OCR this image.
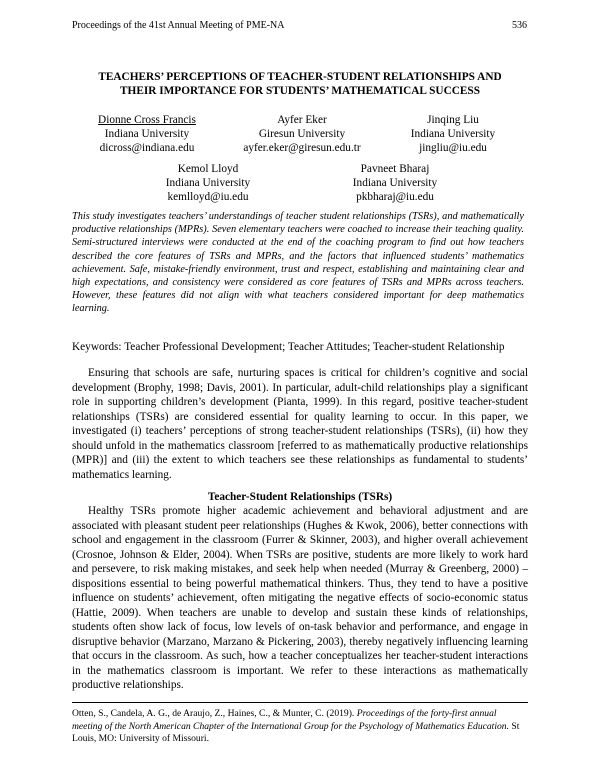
Proceedings of the 41st Annual Meeting of PME-NA	536
TEACHERS’ PERCEPTIONS OF TEACHER-STUDENT RELATIONSHIPS AND
THEIR IMPORTANCE FOR STUDENTS’ MATHEMATICAL SUCCESS
Dionne Cross Francis
Indiana University
dicross@indiana.edu
Ayfer Eker
Giresun University
ayfer.eker@giresun.edu.tr
Jinqing Liu
Indiana University
jingliu@iu.edu
Kemol Lloyd
Indiana University
kemlloyd@iu.edu
Pavneet Bharaj
Indiana University
pkbharaj@iu.edu
This study investigates teachers’ understandings of teacher student relationships (TSRs), and mathematically productive relationships (MPRs). Seven elementary teachers were coached to increase their teaching quality. Semi-structured interviews were conducted at the end of the coaching program to find out how teachers described the core features of TSRs and MPRs, and the factors that influenced students’ mathematics achievement. Safe, mistake-friendly environment, trust and respect, establishing and maintaining clear and high expectations, and consistency were considered as core features of TSRs and MPRs across teachers. However, these features did not align with what teachers considered important for deep mathematics learning.
Keywords: Teacher Professional Development; Teacher Attitudes; Teacher-student Relationship
Ensuring that schools are safe, nurturing spaces is critical for children’s cognitive and social development (Brophy, 1998; Davis, 2001). In particular, adult-child relationships play a significant role in supporting children’s development (Pianta, 1999). In this regard, positive teacher-student relationships (TSRs) are considered essential for quality learning to occur. In this paper, we investigated (i) teachers’ perceptions of strong teacher-student relationships (TSRs), (ii) how they should unfold in the mathematics classroom [referred to as mathematically productive relationships (MPR)] and (iii) the extent to which teachers see these relationships as fundamental to students’ mathematics learning.
Teacher-Student Relationships (TSRs)
Healthy TSRs promote higher academic achievement and behavioral adjustment and are associated with pleasant student peer relationships (Hughes & Kwok, 2006), better connections with school and engagement in the classroom (Furrer & Skinner, 2003), and higher overall achievement (Crosnoe, Johnson & Elder, 2004). When TSRs are positive, students are more likely to work hard and persevere, to risk making mistakes, and seek help when needed (Murray & Greenberg, 2000) – dispositions essential to being powerful mathematical thinkers. Thus, they tend to have a positive influence on students’ achievement, often mitigating the negative effects of socio-economic status (Hattie, 2009). When teachers are unable to develop and sustain these kinds of relationships, students often show lack of focus, low levels of on-task behavior and performance, and engage in disruptive behavior (Marzano, Marzano & Pickering, 2003), thereby negatively influencing learning that occurs in the classroom. As such, how a teacher conceptualizes her teacher-student interactions in the mathematics classroom is important. We refer to these interactions as mathematically productive relationships.
Otten, S., Candela, A. G., de Araujo, Z., Haines, C., & Munter, C. (2019). Proceedings of the forty-first annual meeting of the North American Chapter of the International Group for the Psychology of Mathematics Education. St Louis, MO: University of Missouri.
